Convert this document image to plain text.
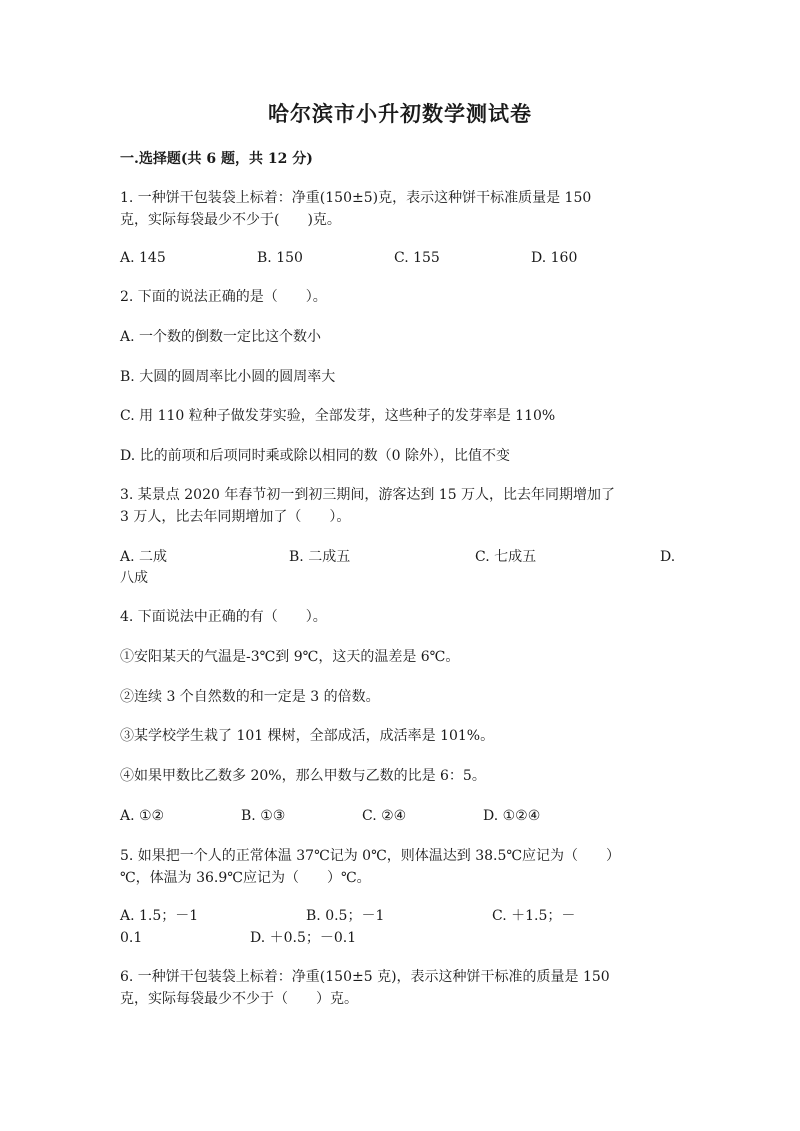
哈尔滨市小升初数学测试卷
一.选择题(共 6 题，共 12 分)
1. 一种饼干包装袋上标着：净重(150±5)克，表示这种饼干标准质量是 150
克，实际每袋最少不少于(　　)克。
A. 145	B. 150	C. 155	D. 160
2. 下面的说法正确的是（　　）。
A. 一个数的倒数一定比这个数小
B. 大圆的圆周率比小圆的圆周率大
C. 用 110 粒种子做发芽实验，全部发芽，这些种子的发芽率是 110%
D. 比的前项和后项同时乘或除以相同的数（0 除外），比值不变
3. 某景点 2020 年春节初一到初三期间，游客达到 15 万人，比去年同期增加了
3 万人，比去年同期增加了（　　）。
A. 二成	B. 二成五	C. 七成五	D.
八成
4. 下面说法中正确的有（　　）。
①安阳某天的气温是-3℃到 9℃，这天的温差是 6℃。
②连续 3 个自然数的和一定是 3 的倍数。
③某学校学生栽了 101 棵树，全部成活，成活率是 101%。
④如果甲数比乙数多 20%，那么甲数与乙数的比是 6：5。
A. ①②	B. ①③	C. ②④	D. ①②④
5. 如果把一个人的正常体温 37℃记为 0℃，则体温达到 38.5℃应记为（　　）
℃，体温为 36.9℃应记为（　　）℃。
A. 1.5；－1	B. 0.5；－1	C. ＋1.5；－
0.1	D. ＋0.5；－0.1
6. 一种饼干包装袋上标着：净重(150±5 克)，表示这种饼干标准的质量是 150
克，实际每袋最少不少于（　　）克。
